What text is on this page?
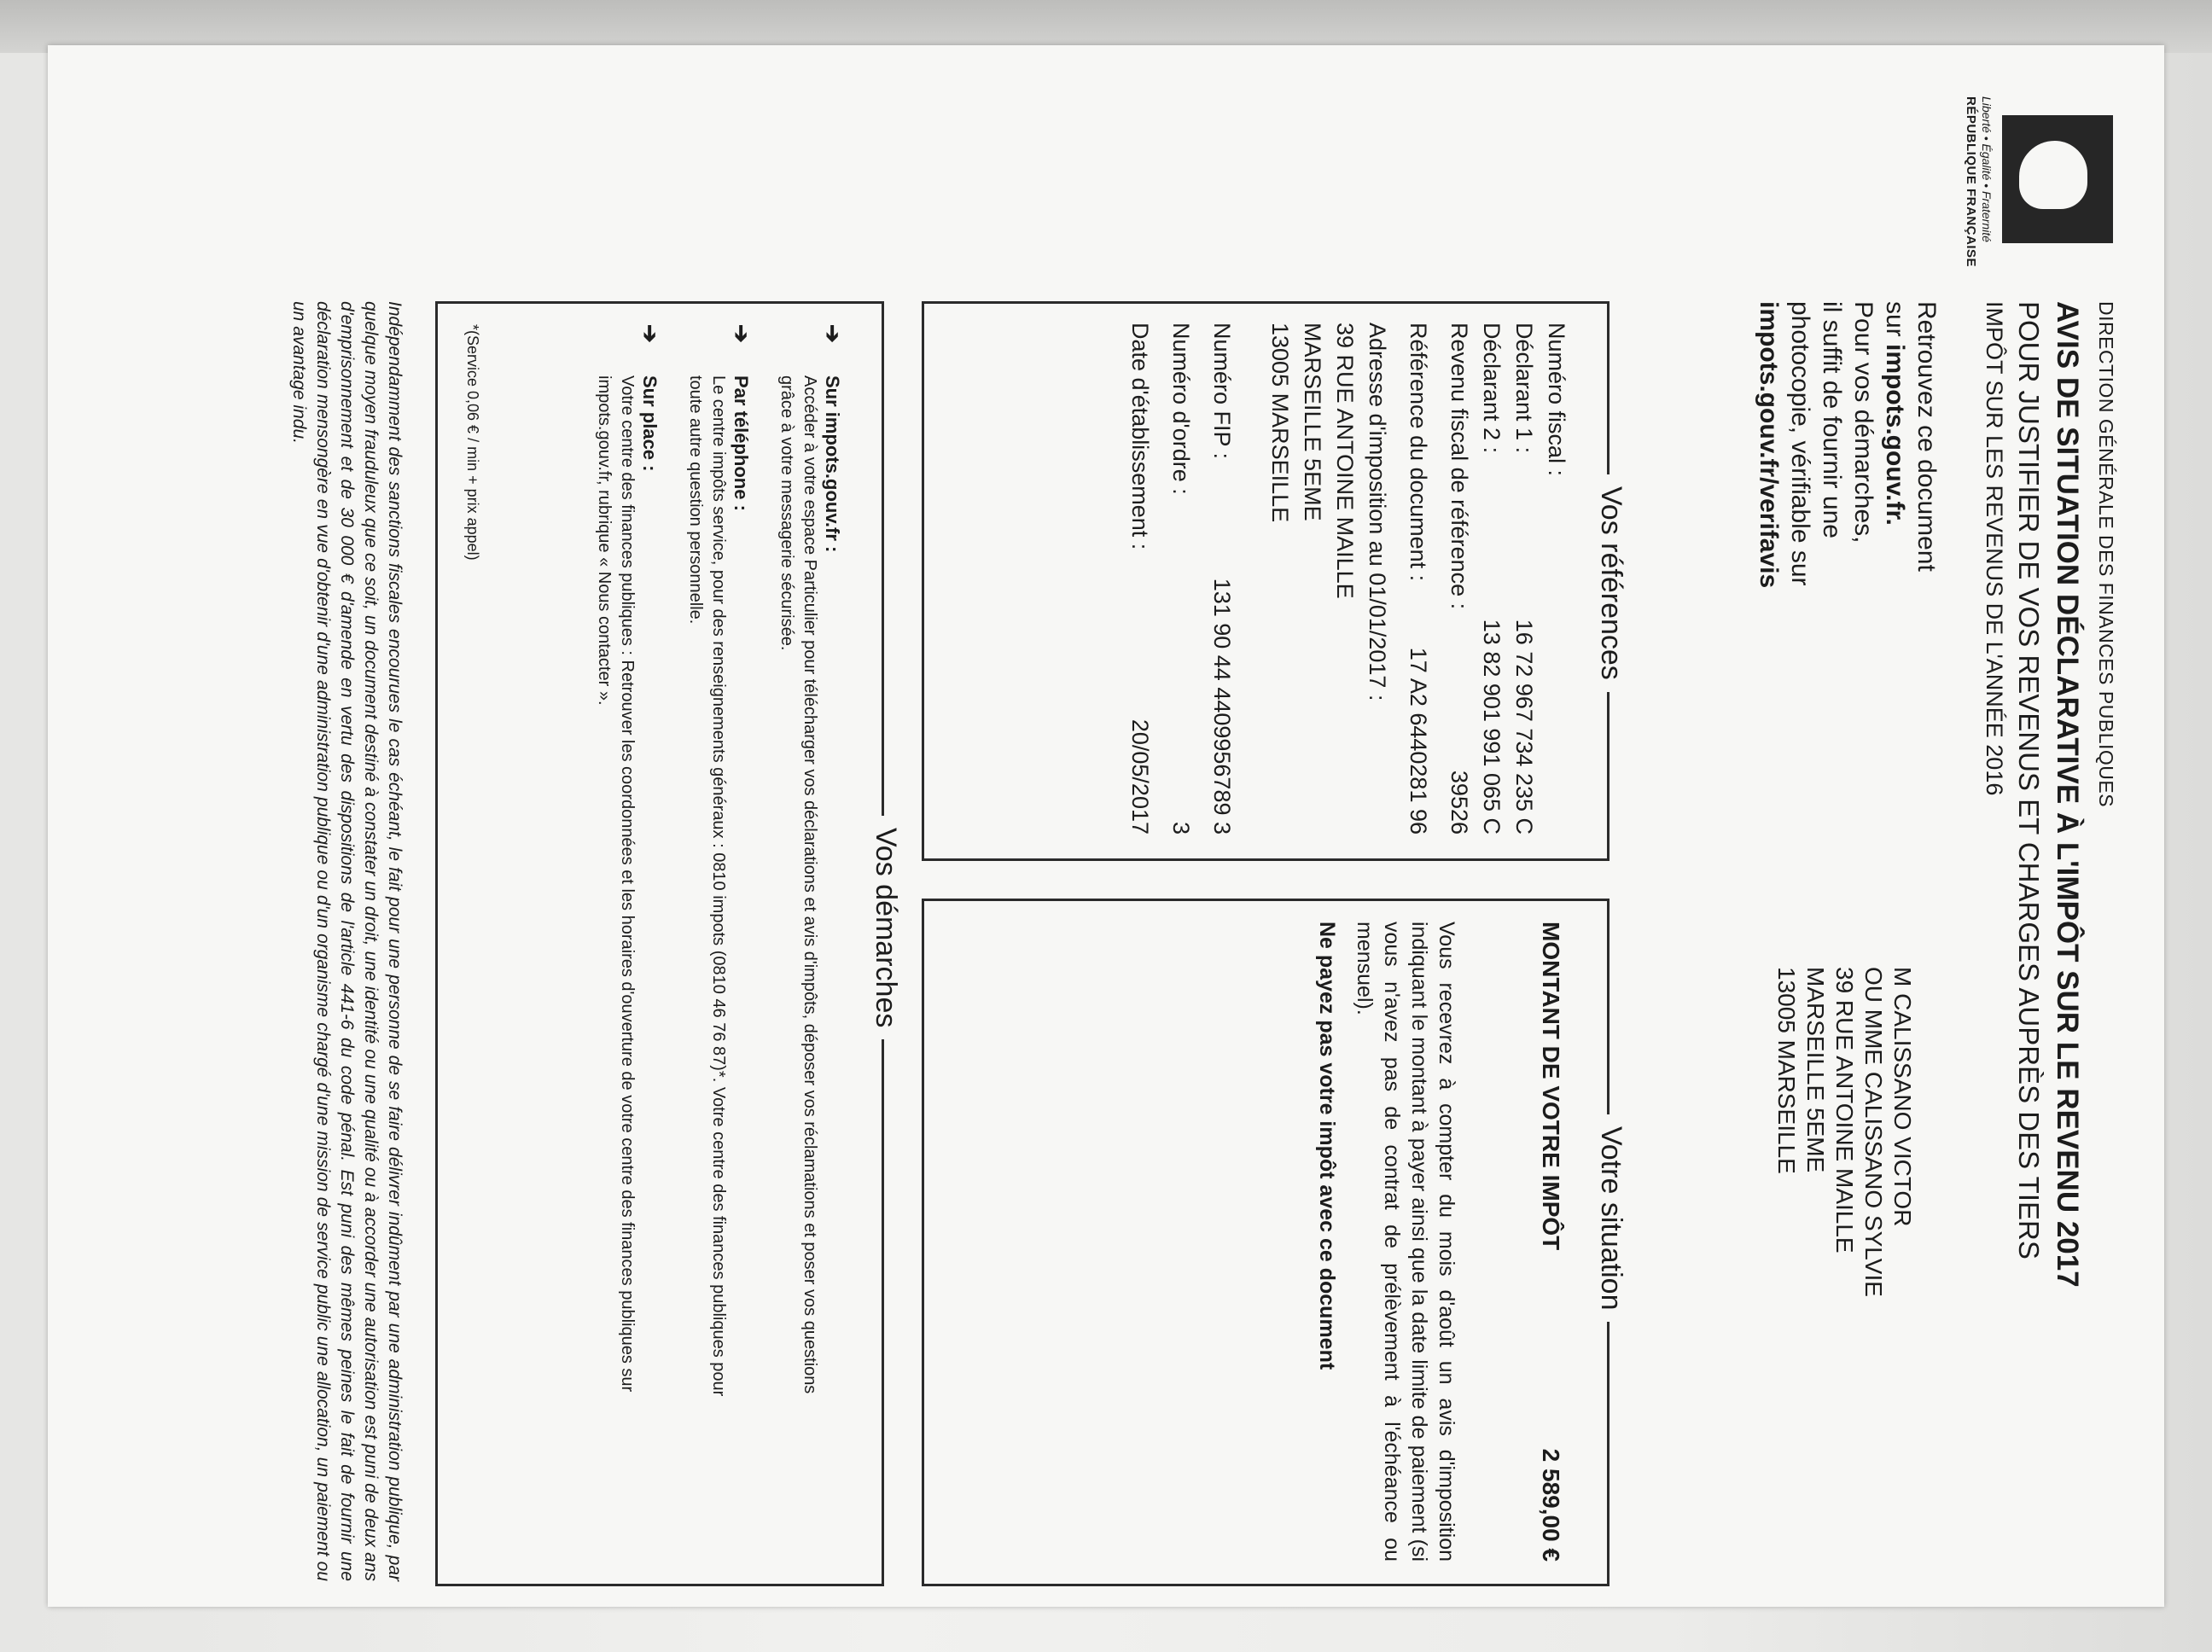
Liberté • Égalité • Fraternité
RÉPUBLIQUE FRANÇAISE
DIRECTION GÉNÉRALE DES FINANCES PUBLIQUES
AVIS DE SITUATION DÉCLARATIVE À L'IMPÔT SUR LE REVENU 2017
POUR JUSTIFIER DE VOS REVENUS ET CHARGES AUPRÈS DES TIERS
IMPÔT SUR LES REVENUS DE L'ANNÉE 2016
Retrouvez ce document
sur impots.gouv.fr.
Pour vos démarches,
il suffit de fournir une
photocopie, vérifiable sur
impots.gouv.fr/verifavis
M CALISSANO VICTOR
OU MME CALISSANO SYLVIE
39 RUE ANTOINE MAILLE
MARSEILLE 5EME
13005 MARSEILLE
Vos références
Numéro fiscal :
Déclarant 1 :
16 72 967 734 235 C
Déclarant 2 :
13 82 901 991 065 C
Revenu fiscal de référence :
39526
Référence du document :
17 A2 6440281 96
Adresse d'imposition au 01/01/2017 :
39 RUE ANTOINE MAILLE
MARSEILLE 5EME
13005 MARSEILLE
Numéro FIP :
131 90 44 4409956789 3
Numéro d'ordre :
3
Date d'établissement :
20/05/2017
Votre situation
MONTANT DE VOTRE IMPÔT
2 589,00 €
Vous recevrez à compter du mois d'août un avis d'imposition indiquant le montant à payer ainsi que la date limite de paiement (si vous n'avez pas de contrat de prélèvement à l'échéance ou mensuel).
Ne payez pas votre impôt avec ce document
Vos démarches
➔
Sur impots.gouv.fr : Accéder à votre espace Particulier pour télécharger vos déclarations et avis d'impôts, déposer vos réclamations et poser vos questions grâce à votre messagerie sécurisée.
➔
Par téléphone : Le centre impôts service, pour des renseignements généraux : 0810 impots (0810 46 76 87)*. Votre centre des finances publiques pour toute autre question personnelle.
➔
Sur place : Votre centre des finances publiques : Retrouver les coordonnées et les horaires d'ouverture de votre centre des finances publiques sur impots.gouv.fr, rubrique « Nous contacter ».
*(Service 0,06 € / min + prix appel)
Indépendamment des sanctions fiscales encourues le cas échéant, le fait pour une personne de se faire délivrer indûment par une administration publique, par quelque moyen frauduleux que ce soit, un document destiné à constater un droit, une identité ou une qualité ou à accorder une autorisation est puni de deux ans d'emprisonnement et de 30 000 € d'amende en vertu des dispositions de l'article 441-6 du code pénal. Est puni des mêmes peines le fait de fournir une déclaration mensongère en vue d'obtenir d'une administration publique ou d'un organisme chargé d'une mission de service public une allocation, un paiement ou un avantage indu.
